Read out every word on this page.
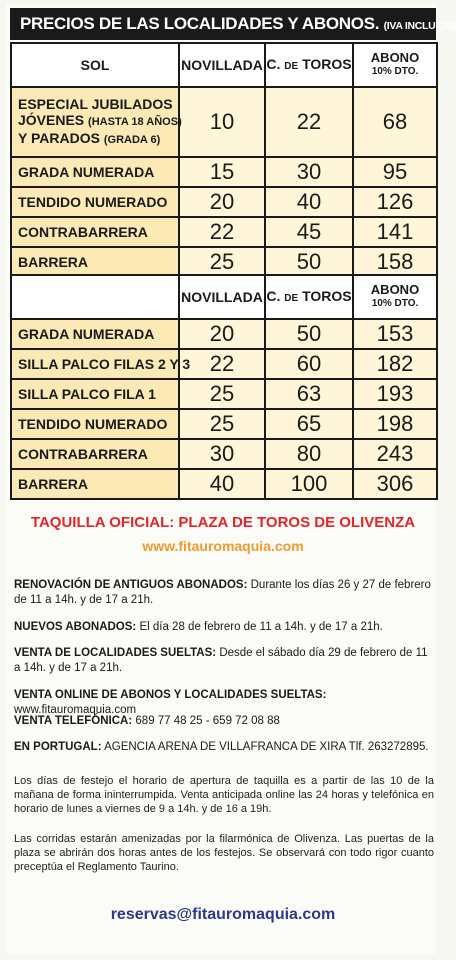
PRECIOS DE LAS LOCALIDADES Y ABONOS. (IVA INCLUIDO)
SOL	NOVILLADA	C. DE TOROS	ABONO
10% DTO.

ESPECIAL JUBILADOS
JÓVENES (HASTA 18 AÑOS)
Y PARADOS (GRADA 6)	10	22	68
GRADA NUMERADA	15	30	95
TENDIDO NUMERADO	20	40	126
CONTRABARRERA	22	45	141
BARRERA	25	50	158
SOMBRA	NOVILLADA	C. DE TOROS	ABONO
10% DTO.

GRADA NUMERADA	20	50	153
SILLA PALCO FILAS 2 Y 3	22	60	182
SILLA PALCO FILA 1	25	63	193
TENDIDO NUMERADO	25	65	198
CONTRABARRERA	30	80	243
BARRERA	40	100	306
TAQUILLA OFICIAL: PLAZA DE TOROS DE OLIVENZA
www.fitauromaquia.com
RENOVACIÓN DE ANTIGUOS ABONADOS: Durante los días 26 y 27 de febrero de 11 a 14h. y de 17 a 21h.
NUEVOS ABONADOS: El día 28 de febrero de 11 a 14h. y de 17 a 21h.
VENTA DE LOCALIDADES SUELTAS: Desde el sábado día 29 de febrero de 11 a 14h. y de 17 a 21h.
VENTA ONLINE DE ABONOS Y LOCALIDADES SUELTAS: www.fitauromaquia.com
VENTA TELEFÓNICA: 689 77 48 25 - 659 72 08 88
EN PORTUGAL: AGENCIA ARENA DE VILLAFRANCA DE XIRA Tlf. 263272895.
Los días de festejo el horario de apertura de taquilla es a partir de las 10 de la mañana de forma ininterrumpida. Venta anticipada online las 24 horas y telefónica en horario de lunes a viernes de 9 a 14h. y de 16 a 19h.
Las corridas estarán amenizadas por la filarmónica de Olivenza. Las puertas de la plaza se abrirán dos horas antes de los festejos. Se observará con todo rigor cuanto preceptúa el Reglamento Taurino.
reservas@fitauromaquia.com
